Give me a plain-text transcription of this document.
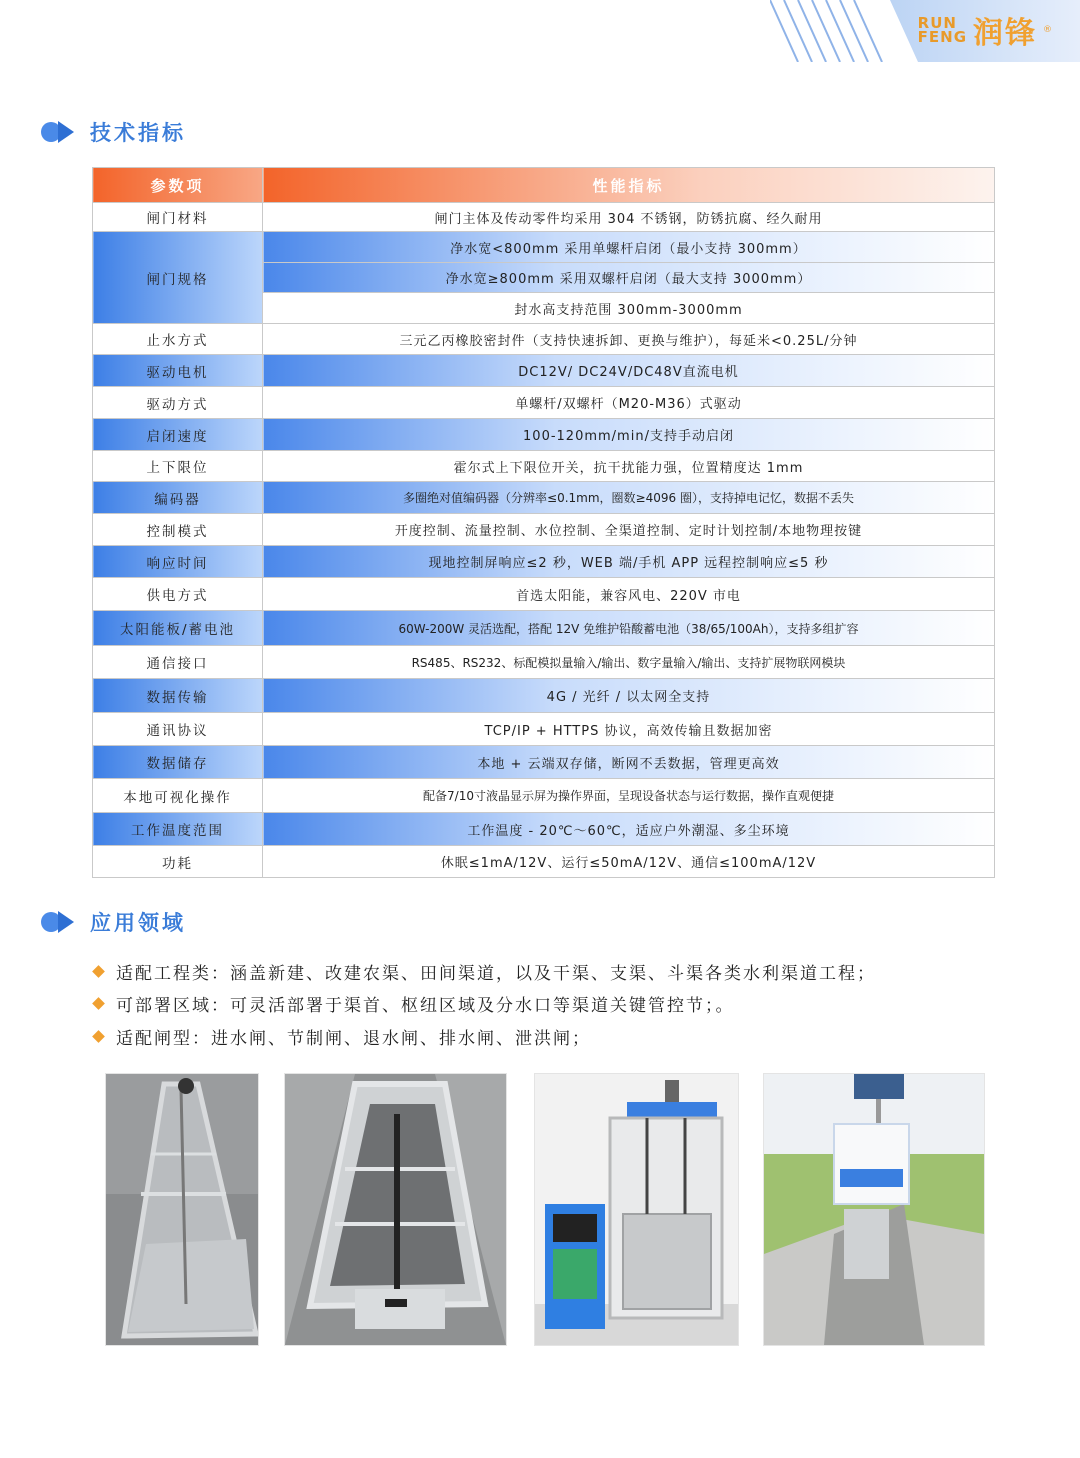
RUN
FENG 润锋 ®
技术指标
参数项	性能指标
闸门材料	闸门主体及传动零件均采用 304 不锈钢，防锈抗腐、经久耐用
闸门规格	净水宽<800mm 采用单螺杆启闭（最小支持 300mm）
	净水宽≥800mm 采用双螺杆启闭（最大支持 3000mm）
	封水高支持范围 300mm-3000mm
止水方式	三元乙丙橡胶密封件（支持快速拆卸、更换与维护），每延米<0.25L/分钟
驱动电机	DC12V/ DC24V/DC48V直流电机
驱动方式	单螺杆/双螺杆（M20-M36）式驱动
启闭速度	100-120mm/min/支持手动启闭
上下限位	霍尔式上下限位开关，抗干扰能力强，位置精度达 1mm
编码器	多圈绝对值编码器（分辨率≤0.1mm，圈数≥4096 圈），支持掉电记忆，数据不丢失
控制模式	开度控制、流量控制、水位控制、全渠道控制、定时计划控制/本地物理按键
响应时间	现地控制屏响应≤2 秒，WEB 端/手机 APP 远程控制响应≤5 秒
供电方式	首选太阳能，兼容风电、220V 市电
太阳能板/蓄电池	60W-200W 灵活选配，搭配 12V 免维护铅酸蓄电池（38/65/100Ah），支持多组扩容
通信接口	RS485、RS232、标配模拟量输入/输出、数字量输入/输出、支持扩展物联网模块
数据传输	4G / 光纤 / 以太网全支持
通讯协议	TCP/IP + HTTPS 协议，高效传输且数据加密
数据储存	本地 + 云端双存储，断网不丢数据，管理更高效
本地可视化操作	配备7/10寸液晶显示屏为操作界面，呈现设备状态与运行数据，操作直观便捷
工作温度范围	工作温度 - 20℃～60℃，适应户外潮湿、多尘环境
功耗	休眠≤1mA/12V、运行≤50mA/12V、通信≤100mA/12V
应用领域
适配工程类：涵盖新建、改建农渠、田间渠道，以及干渠、支渠、斗渠各类水利渠道工程；
可部署区域：可灵活部署于渠首、枢纽区域及分水口等渠道关键管控节；。
适配闸型：进水闸、节制闸、退水闸、排水闸、泄洪闸；
